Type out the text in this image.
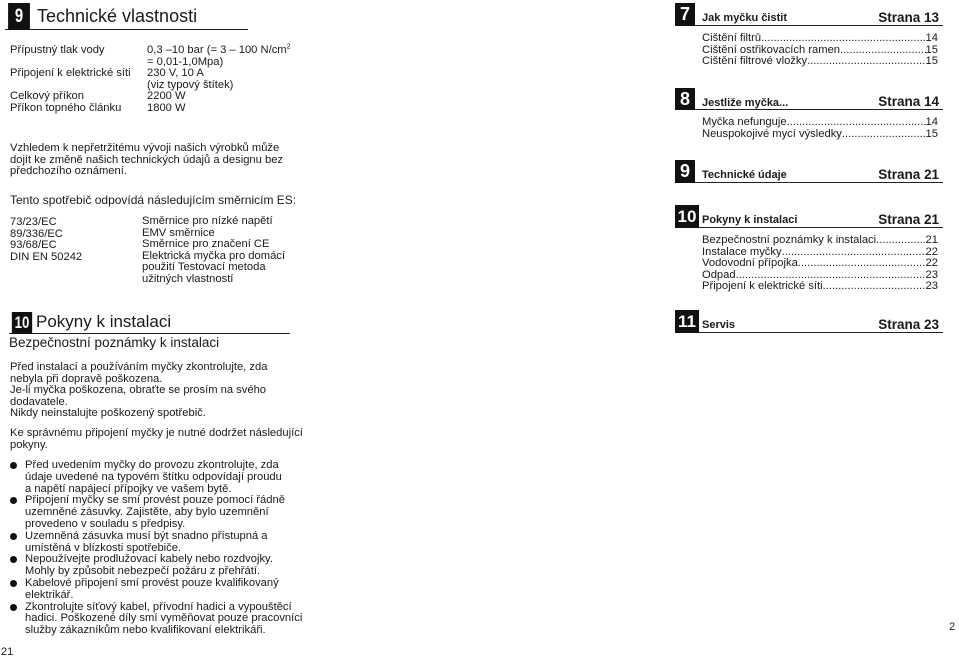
9 Technické vlastnosti
Přípustný tlak vody	0,3 –10 bar (= 3 – 100 $N/cm^2$
= 0,01-1,0Mpa)
Připojení k elektrické síti 230 V, 10 A
(viz typový štítek)
Celkový příkon	2200 W
Příkon topného článku 1800 W
Vzhledem k nepřetržitému vývoji našich výrobků může
dojít ke změně našich technických údajů a designu bez
předchozího oznámení.
Tento spotřebič odpovídá následujícím směrnicím ES:
73/23/EC	Směrnice pro nízké napětí
89/336/EC	EMV směrnice
93/68/EC	Směrnice pro značení CE
DIN EN 50242	Elektrická myčka pro domácí
použití Testovací metoda
užitných vlastností
10 Pokyny k instalaci
Bezpečnostní poznámky k instalaci
Před instalací a používáním myčky zkontrolujte, zda
nebyla při dopravě poškozena.
Je-li myčka poškozena, obraťte se prosím na svého
dodavatele.
Nikdy neinstalujte poškozený spotřebič.
Ke správnému připojení myčky je nutné dodržet následující
pokyny.
Před uvedením myčky do provozu zkontrolujte, zda
údaje uvedené na typovém štítku odpovídají proudu
a napětí napájecí přípojky ve vašem bytě.
Připojení myčky se smí provést pouze pomocí řádně
uzemněné zásuvky. Zajistěte, aby bylo uzemnění
provedeno v souladu s předpisy.
Uzemněná zásuvka musí být snadno přístupná a
umístěná v blízkosti spotřebiče.
Nepoužívejte prodlužovací kabely nebo rozdvojky.
Mohly by způsobit nebezpečí požáru z přehřátí.
Kabelové připojení smí provést pouze kvalifikovaný
elektrikář.
Zkontrolujte síťový kabel, přívodní hadici a vypouštěcí
hadici. Poškozené díly smí vyměňovat pouze pracovníci
služby zákazníkům nebo kvalifikovaní elektrikáři.
21
2
7	Jak myčku čistit	Strana 13
Čištění filtrů .....	14
Čištění ostřikovacích ramen .....	15
Čištění filtrové vložky .....	15
8	Jestliže myčka...	Strana 14
Myčka nefunguje .....	14
Neuspokojivé mycí výsledky .....	15
9	Technické údaje	Strana 21
10 Pokyny k instalaci	Strana 21
Bezpečnostní poznámky k instalaci .....	21
Instalace myčky .....	22
Vodovodní přípojka .....	22
Odpad .....	23
Připojení k elektrické síti .....	23
11 Servis	Strana 23
